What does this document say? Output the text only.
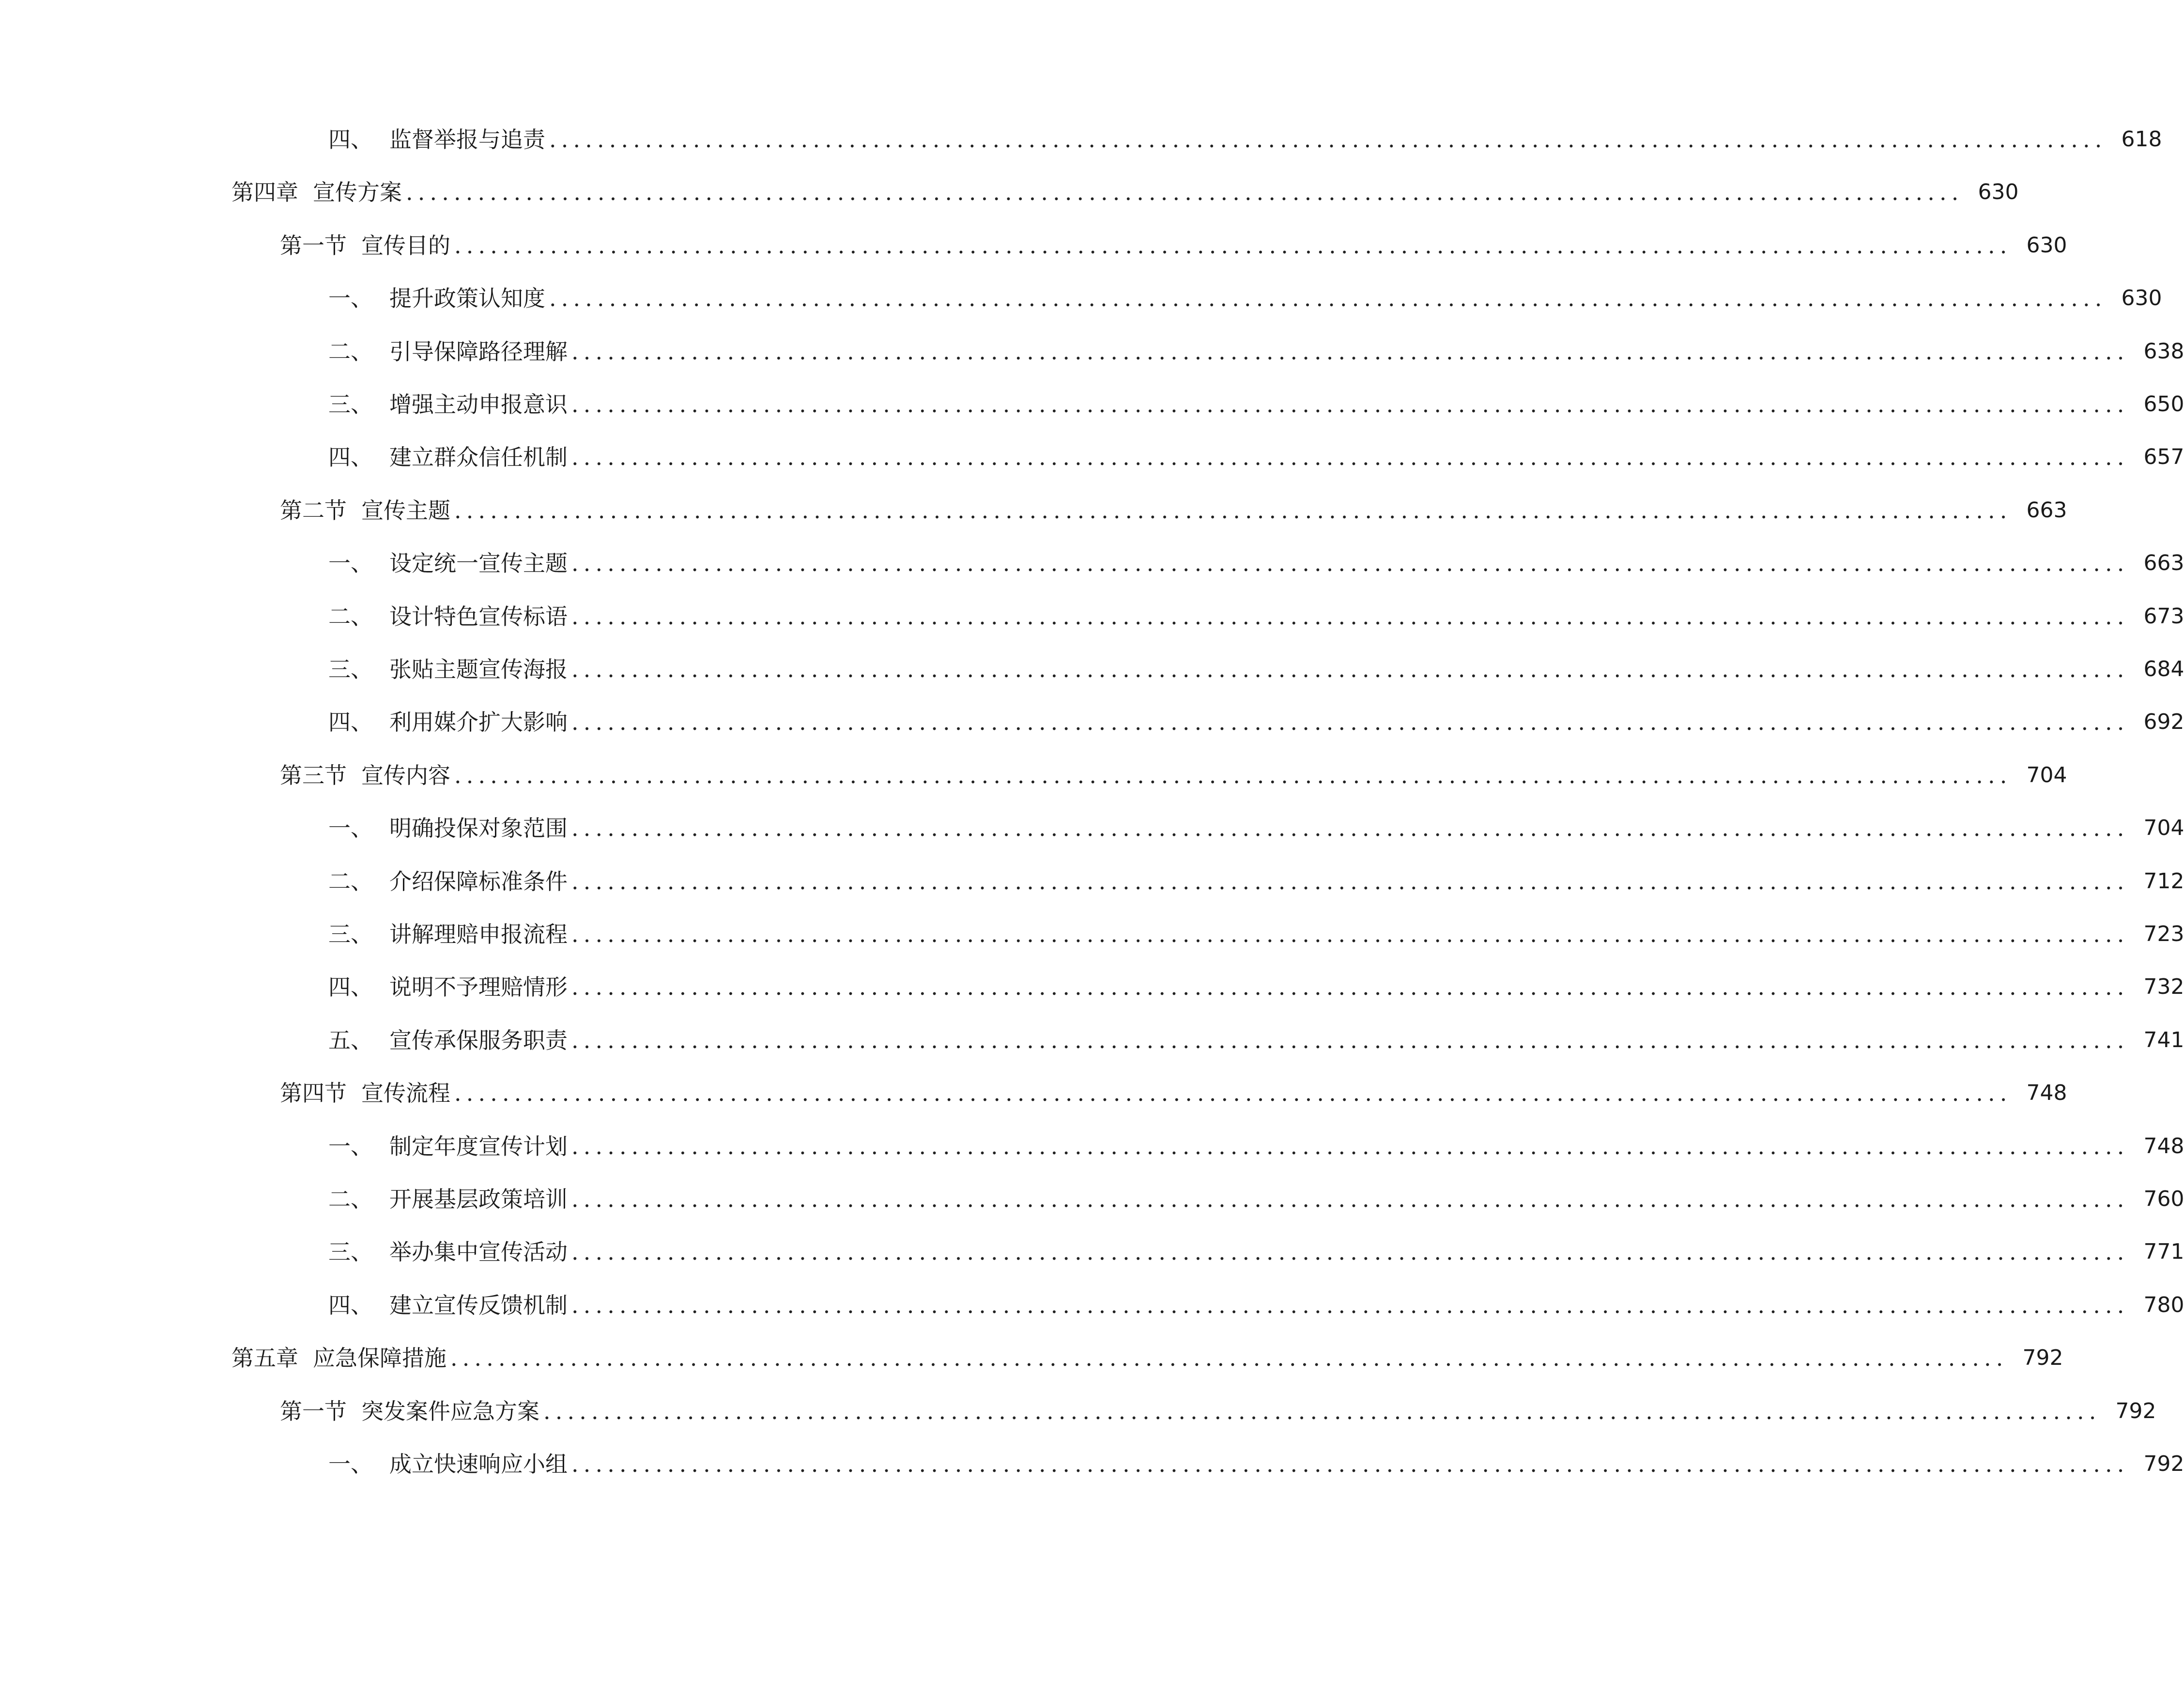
四、 监督举报与追责 .................................................................................................................................. 618
第四章 宣传方案 .................................................................................................................................. 630
第一节 宣传目的 .................................................................................................................................. 630
一、 提升政策认知度 .................................................................................................................................. 630
二、 引导保障路径理解 .................................................................................................................................. 638
三、 增强主动申报意识 .................................................................................................................................. 650
四、 建立群众信任机制 .................................................................................................................................. 657
第二节 宣传主题 .................................................................................................................................. 663
一、 设定统一宣传主题 .................................................................................................................................. 663
二、 设计特色宣传标语 .................................................................................................................................. 673
三、 张贴主题宣传海报 .................................................................................................................................. 684
四、 利用媒介扩大影响 .................................................................................................................................. 692
第三节 宣传内容 .................................................................................................................................. 704
一、 明确投保对象范围 .................................................................................................................................. 704
二、 介绍保障标准条件 .................................................................................................................................. 712
三、 讲解理赔申报流程 .................................................................................................................................. 723
四、 说明不予理赔情形 .................................................................................................................................. 732
五、 宣传承保服务职责 .................................................................................................................................. 741
第四节 宣传流程 .................................................................................................................................. 748
一、 制定年度宣传计划 .................................................................................................................................. 748
二、 开展基层政策培训 .................................................................................................................................. 760
三、 举办集中宣传活动 .................................................................................................................................. 771
四、 建立宣传反馈机制 .................................................................................................................................. 780
第五章 应急保障措施 .................................................................................................................................. 792
第一节 突发案件应急方案 .................................................................................................................................. 792
一、 成立快速响应小组 .................................................................................................................................. 792
